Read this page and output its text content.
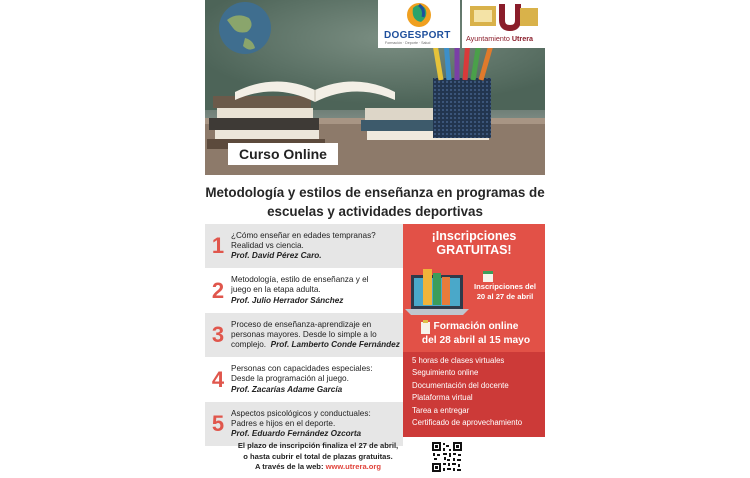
DOGESPORT
Formación · Deporte · Salud	Ayuntamiento Utrera
Curso Online
Metodología y estilos de enseñanza en programas de
escuelas y actividades deportivas
1 ¿Cómo enseñar en edades tempranas?
Realidad vs ciencia.
Prof. David Pérez Caro.
2 Metodología, estilo de enseñanza y el
juego en la etapa adulta.
Prof. Julio Herrador Sánchez
3 Proceso de enseñanza-aprendizaje en
personas mayores. Desde lo simple a lo
complejo. Prof. Lamberto Conde Fernández
4 Personas con capacidades especiales:
Desde la programación al juego.
Prof. Zacarías Adame García
5 Aspectos psicológicos y conductuales:
Padres e hijos en el deporte.
Prof. Eduardo Fernández Ozcorta
¡Inscripciones
GRATUITAS!
Inscripciones del
20 al 27 de abril
Formación online
del 28 abril al 15 mayo
5 horas de clases virtuales
Seguimiento online
Documentación del docente
Plataforma virtual
Tarea a entregar
Certificado de aprovechamiento
El plazo de inscripción finaliza el 27 de abril,
o hasta cubrir el total de plazas gratuitas.
A través de la web: www.utrera.org
